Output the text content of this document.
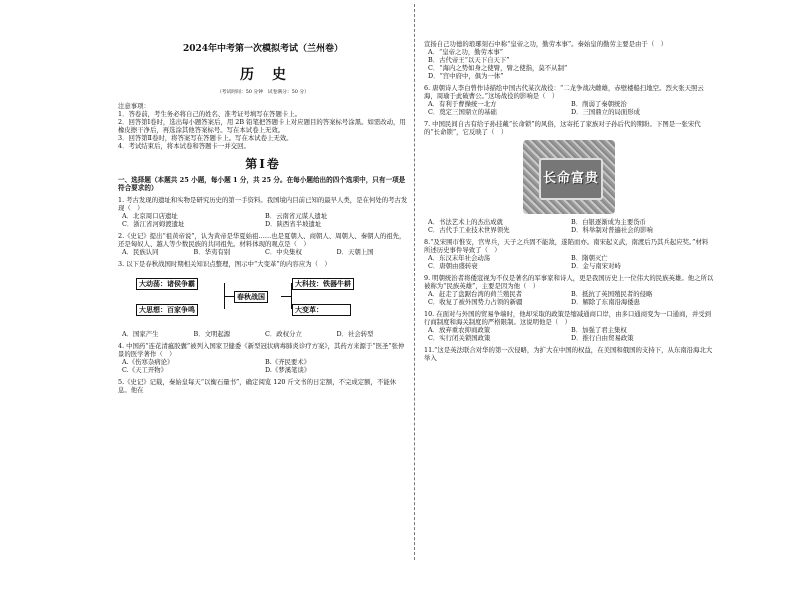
2024年中考第一次模拟考试（兰州卷）
历史
（考试时间：50 分钟　试卷满分：50 分）
注意事项：
1．答卷前，考生务必将自己的姓名、准考证号填写在答题卡上。
2．回答第Ⅰ卷时，选出每小题答案后，用 2B 铅笔把答题卡上对应题目的答案标号涂黑。如需改动，用橡皮擦干净后，再选涂其他答案标号。写在本试卷上无效。
3．回答第Ⅱ卷时，将答案写在答题卡上。写在本试卷上无效。
4．考试结束后，将本试卷和答题卡一并交回。
第Ⅰ卷
一、选择题（本题共 25 小题，每小题 1 分，共 25 分。在每小题给出的四个选项中，只有一项是符合要求的）
1. 考古发现的遗址和实物是研究历史的第一手资料。我国境内目前已知的最早人类，是在何处的考古发现（　）
A．北京周口店遗址	B．云南省元谋人遗址
C．浙江省河姆渡遗址	D．陕西省半坡遗址
2.《史记》提出“祖黄帝说”，认为黄帝是华夏始祖……也是夏朝人、商朝人、周朝人、秦朝人的祖先，还是匈奴人、越人等少数民族的共同祖先。材料体现的观点是（　）
A．民族认同	B．华夷有别	C．中央集权	D．天朝上国
3. 以下是春秋战国时期相关知识点整理，图示中“大变革”的内容应为（　）
大动荡：诸侯争霸
大思想：百家争鸣
春秋战国
大科技：铁器牛耕
大变革：　　　　
A．国家产生	B．文明起源	C．政权分立	D．社会转型
4. 中国药“连花清瘟胶囊”被列入国家卫健委《新型冠状病毒肺炎诊疗方案》，其药方来源于“医圣”张仲景的医学著作（　）
A.《伤寒杂病论》	B.《齐民要术》
C.《天工开物》	D.《梦溪笔谈》
5.《史记》记载，秦始皇每天“以衡石量书”，确定阅览 120 斤文书的日定额，不完成定额，不能休息。他在
宣扬自己功德的琅琊刻石中称“皇帝之功，勤劳本事”。秦始皇的勤劳主要是由于（　）
A．“皇帝之功，勤劳本事”
B．古代帝王“以天下自天下”
C．“海内之势如身之使臂，臂之使指，莫不从制”
D．“宫中府中，俱为一体”
6. 唐朝诗人李白曾作诗描绘中国古代某次战役：“二龙争战决雌雄，赤壁楼船扫地空。烈火张天照云海，周瑜于此破曹公。”这场战役的影响是（　）
A．有利于曹操统一北方	B．削弱了秦朝统治
C．奠定三国鼎立的基础	D．三国鼎立的局面形成
7. 中国民间自古有给子孙挂戴“长命锁”的风俗，这寄托了家族对子孙后代的期盼。下图是一张宋代的“长命锁”，它反映了（　）
长命富贵
A．书法艺术上的杰出成就	B．白银逐渐成为主要货币
C．古代手工业技术世界领先	D．科举制对普遍社会的影响
8.“及宋围市惟安，官卑兵，天子之兵固不能敌，遂陷而亦。南宋起义武，南渡后乃其兵起应奖。”材料所述历史事件导致了（　）
A．东汉末年社会动荡	B．隋朝灭亡
C．唐朝由盛转衰	D．金与南宋对峙
9. 明朝统治者将倭寇视为不仅是著名的军事家和诗人，更是我国历史上一位伟大的民族英雄。他之所以被称为“民族英雄”，主要是因为他（　）
A．赶走了盘踞台湾的荷兰殖民者	B．抵抗了英国殖民者的侵略
C．收复了被外国势力占领的新疆	D．解除了东南沿海倭患
10. 在面对与外国的贸易争端时，他却采取的政策是缩减通商口岸，由多口通商变为一口通商，并受到行商制度和海关制度的严格限制。这说明他是（　）
A．放弃重农抑商政策	B．加强了君主集权
C．实行闭关锁国政策	D．推行自由贸易政策
11.“这是英法联合对华的第一次侵略，为扩大在中国的权益，在美国和俄国的支持下，从东南沿海北大举入
